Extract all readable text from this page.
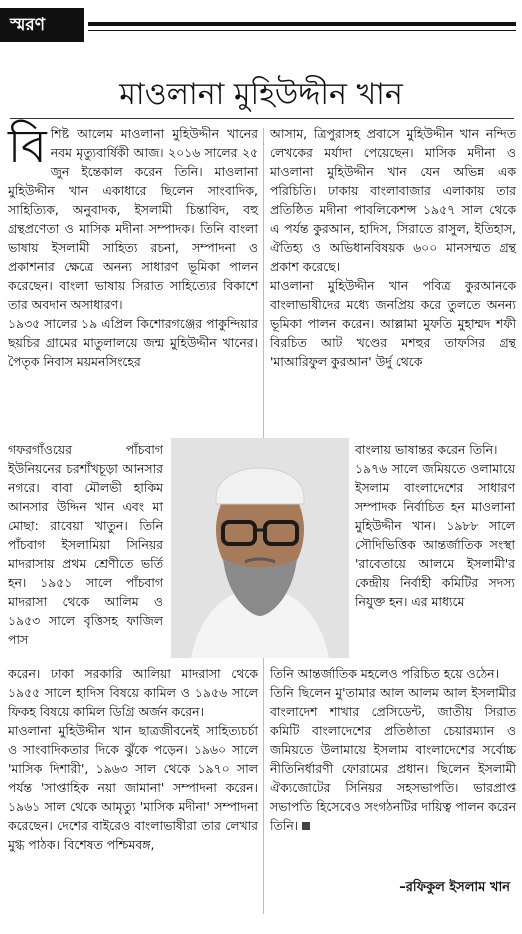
স্মরণ
মাওলানা মুহিউদ্দীন খান
বি শিষ্ট আলেম মাওলানা মুহিউদ্দীন খানের নবম মৃত্যুবার্ষিকী আজ। ২০১৬ সালের ২৫ জুন ইন্তেকাল করেন তিনি। মাওলানা মুহিউদ্দীন খান একাধারে ছিলেন সাংবাদিক, সাহিত্যিক, অনুবাদক, ইসলামী চিন্তাবিদ, বহু গ্রন্থপ্রণেতা ও মাসিক মদীনা সম্পাদক। তিনি বাংলা ভাষায় ইসলামী সাহিত্য রচনা, সম্পাদনা ও প্রকাশনার ক্ষেত্রে অনন্য সাধারণ ভূমিকা পালন করেছেন। বাংলা ভাষায় সিরাত সাহিত্যের বিকাশে তার অবদান অসাধারণ।

১৯৩৫ সালের ১৯ এপ্রিল কিশোরগঞ্জের পাকুন্দিয়ার ছয়চির গ্রামের মাতুলালয়ে জন্ম মুহিউদ্দীন খানের। পৈতৃক নিবাস ময়মনসিংহের

গফরগাঁওয়ের পাঁচবাগ ইউনিয়নের চরশাঁখচূড়া আনসার নগরে। বাবা মৌলভী হাকিম আনসার উদ্দিন খান এবং মা মোছা: রাবেয়া খাতুন। তিনি পাঁচবাগ ইসলামিয়া সিনিয়র মাদরাসায় প্রথম শ্রেণীতে ভর্তি হন। ১৯৫১ সালে পাঁচবাগ মাদরাসা থেকে আলিম ও ১৯৫৩ সালে বৃত্তিসহ ফাজিল পাস

করেন। ঢাকা সরকারি আলিয়া মাদরাসা থেকে ১৯৫৫ সালে হাদিস বিষয়ে কামিল ও ১৯৫৬ সালে ফিকহ বিষয়ে কামিল ডিগ্রি অর্জন করেন।

মাওলানা মুহিউদ্দীন খান ছাত্রজীবনেই সাহিত্যচর্চা ও সাংবাদিকতার দিকে ঝুঁকে পড়েন। ১৯৬০ সালে 'মাসিক দিশারী', ১৯৬৩ সাল থেকে ১৯৭০ সাল পর্যন্ত 'সাপ্তাহিক নয়া জামানা' সম্পাদনা করেন। ১৯৬১ সাল থেকে আমৃত্যু 'মাসিক মদীনা' সম্পাদনা করেছেন। দেশের বাইরেও বাংলাভাষীরা তার লেখার মুগ্ধ পাঠক। বিশেষত পশ্চিমবঙ্গ,

আসাম, ত্রিপুরাসহ প্রবাসে মুহিউদ্দীন খান নন্দিত লেখকের মর্যাদা পেয়েছেন। মাসিক মদীনা ও মাওলানা মুহিউদ্দীন খান যেন অভিন্ন এক পরিচিতি। ঢাকায় বাংলাবাজার এলাকায় তার প্রতিষ্ঠিত মদীনা পাবলিকেশন্স ১৯৫৭ সাল থেকে এ পর্যন্ত কুরআন, হাদিস, সিরাতে রাসুল, ইতিহাস, ঐতিহ্য ও অভিধানবিষয়ক ৬০০ মানসম্মত গ্রন্থ প্রকাশ করেছে।

মাওলানা মুহিউদ্দীন খান পবিত্র কুরআনকে বাংলাভাষীদের মধ্যে জনপ্রিয় করে তুলতে অনন্য ভূমিকা পালন করেন। আল্লামা মুফতি মুহাম্মদ শফী বিরচিত আট খণ্ডের মশহুর তাফসির গ্রন্থ 'মাআরিফুল কুরআন' উর্দু থেকে

বাংলায় ভাষান্তর করেন তিনি।

১৯৭৬ সালে জমিয়তে ওলামায়ে ইসলাম বাংলাদেশের সাধারণ সম্পাদক নির্বাচিত হন মাওলানা মুহিউদ্দীন খান। ১৯৮৮ সালে সৌদিভিত্তিক আন্তর্জাতিক সংস্থা 'রাবেতায়ে আলমে ইসলামী'র কেন্দ্রীয় নির্বাহী কমিটির সদস্য নিযুক্ত হন। এর মাধ্যমে

তিনি আন্তর্জাতিক মহলেও পরিচিত হয়ে ওঠেন।

তিনি ছিলেন মু'তামার আল আলম আল ইসলামীর বাংলাদেশ শাখার প্রেসিডেন্ট, জাতীয় সিরাত কমিটি বাংলাদেশের প্রতিষ্ঠাতা চেয়ারম্যান ও জমিয়তে উলামায়ে ইসলাম বাংলাদেশের সর্বোচ্চ নীতিনির্ধারণী ফোরামের প্রধান। ছিলেন ইসলামী ঐক্যজোটের সিনিয়র সহসভাপতি। ভারপ্রাপ্ত সভাপতি হিসেবেও সংগঠনটির দায়িত্ব পালন করেন তিনি।

–রফিকুল ইসলাম খান
